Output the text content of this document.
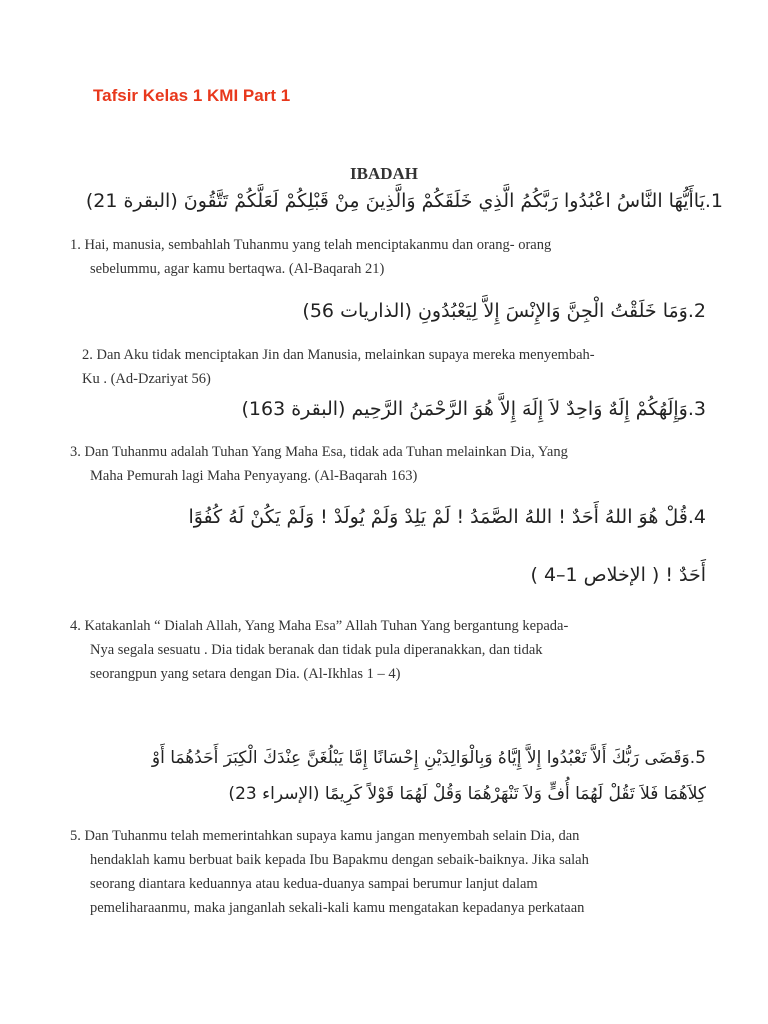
Tafsir Kelas 1 KMI Part 1
IBADAH
1.يَاأَيُّهَا النَّاسُ اعْبُدُوا رَبَّكُمُ الَّذِي خَلَقَكُمْ وَالَّذِينَ مِنْ قَبْلِكُمْ لَعَلَّكُمْ تَتَّقُونَ (البقرة 21)
1. Hai, manusia, sembahlah Tuhanmu yang telah menciptakanmu dan orang- orang
sebelummu, agar kamu bertaqwa. (Al-Baqarah 21)
2.وَمَا خَلَقْتُ الْجِنَّ وَالإِنْسَ إِلاَّ لِيَعْبُدُونِ (الذاريات 56)
2. Dan Aku tidak menciptakan Jin dan Manusia, melainkan supaya mereka menyembah-
Ku . (Ad-Dzariyat 56)
3.وَإِلَهُكُمْ إِلَهٌ وَاحِدٌ لاَ إِلَهَ إِلاَّ هُوَ الرَّحْمَنُ الرَّحِيم (البقرة 163)
3. Dan Tuhanmu adalah Tuhan Yang Maha Esa, tidak ada Tuhan melainkan Dia, Yang
Maha Pemurah lagi Maha Penyayang. (Al-Baqarah 163)
4.قُلْ هُوَ اللهُ أَحَدٌ ! اللهُ الصَّمَدُ ! لَمْ يَلِدْ وَلَمْ يُولَدْ ! وَلَمْ يَكُنْ لَهُ كُفُوًا
أَحَدٌ ! ( الإخلاص 1–4 )
4. Katakanlah “ Dialah Allah, Yang Maha Esa” Allah Tuhan Yang bergantung kepada-
Nya segala sesuatu . Dia tidak beranak dan tidak pula diperanakkan, dan tidak
seorangpun yang setara dengan Dia. (Al-Ikhlas 1 – 4)
5.وَقَضَى رَبُّكَ أَلاَّ تَعْبُدُوا إِلاَّ إِيَّاهُ وَبِالْوَالِدَيْنِ إِحْسَانًا إِمَّا يَبْلُغَنَّ عِنْدَكَ الْكِبَرَ أَحَدُهُمَا أَوْ
كِلاَهُمَا فَلاَ تَقُلْ لَهُمَا أُفٍّ وَلاَ تَنْهَرْهُمَا وَقُلْ لَهُمَا قَوْلاً كَرِيمًا (الإسراء 23)
5. Dan Tuhanmu telah memerintahkan supaya kamu jangan menyembah selain Dia, dan
hendaklah kamu berbuat baik kepada Ibu Bapakmu dengan sebaik-baiknya. Jika salah
seorang diantara keduannya atau kedua-duanya sampai berumur lanjut dalam
pemeliharaanmu, maka janganlah sekali-kali kamu mengatakan kepadanya perkataan
